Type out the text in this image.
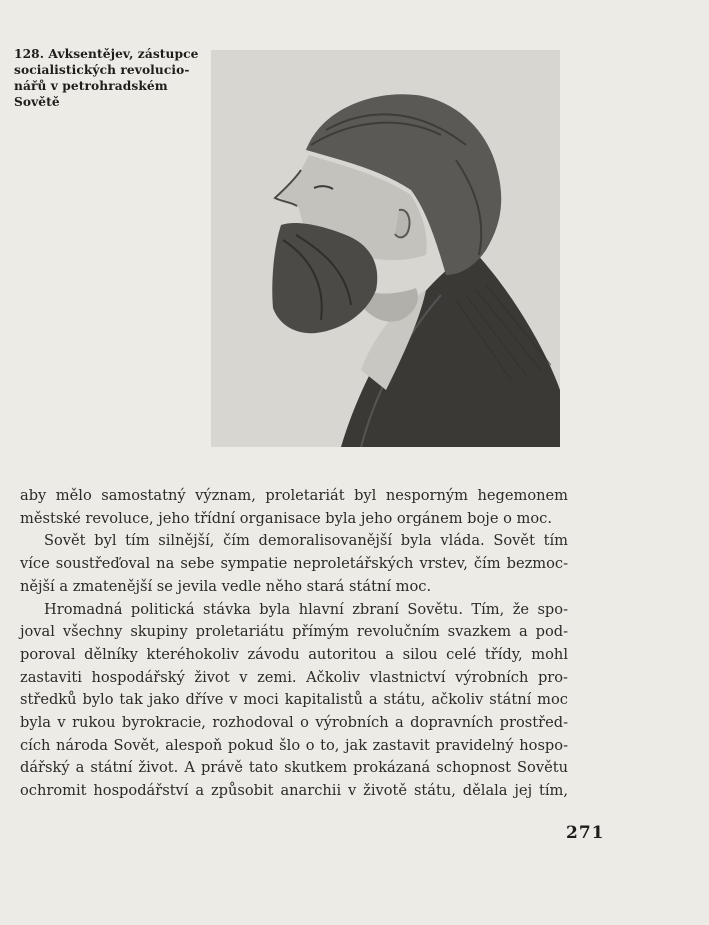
128. Avksentějev, zástupce
socialistických revolucio-
nářů v petrohradském
Sovětě
aby mělo samostatný význam, proletariát byl nesporným hegemonem
městské revoluce, jeho třídní organisace byla jeho orgánem boje o moc.
Sovět byl tím silnější, čím demoralisovanější byla vláda. Sovět tím
více soustřeďoval na sebe sympatie neproletářských vrstev, čím bezmoc-
nější a zmatenější se jevila vedle něho stará státní moc.
Hromadná politická stávka byla hlavní zbraní Sovětu. Tím, že spo-
joval všechny skupiny proletariátu přímým revolučním svazkem a pod-
poroval dělníky kteréhokoliv závodu autoritou a silou celé třídy, mohl
zastaviti hospodářský život v zemi. Ačkoliv vlastnictví výrobních pro-
středků bylo tak jako dříve v moci kapitalistů a státu, ačkoliv státní moc
byla v rukou byrokracie, rozhodoval o výrobních a dopravních prostřed-
cích národa Sovět, alespoň pokud šlo o to, jak zastavit pravidelný hospo-
dářský a státní život. A právě tato skutkem prokázaná schopnost Sovětu
ochromit hospodářství a způsobit anarchii v životě státu, dělala jej tím,
271
